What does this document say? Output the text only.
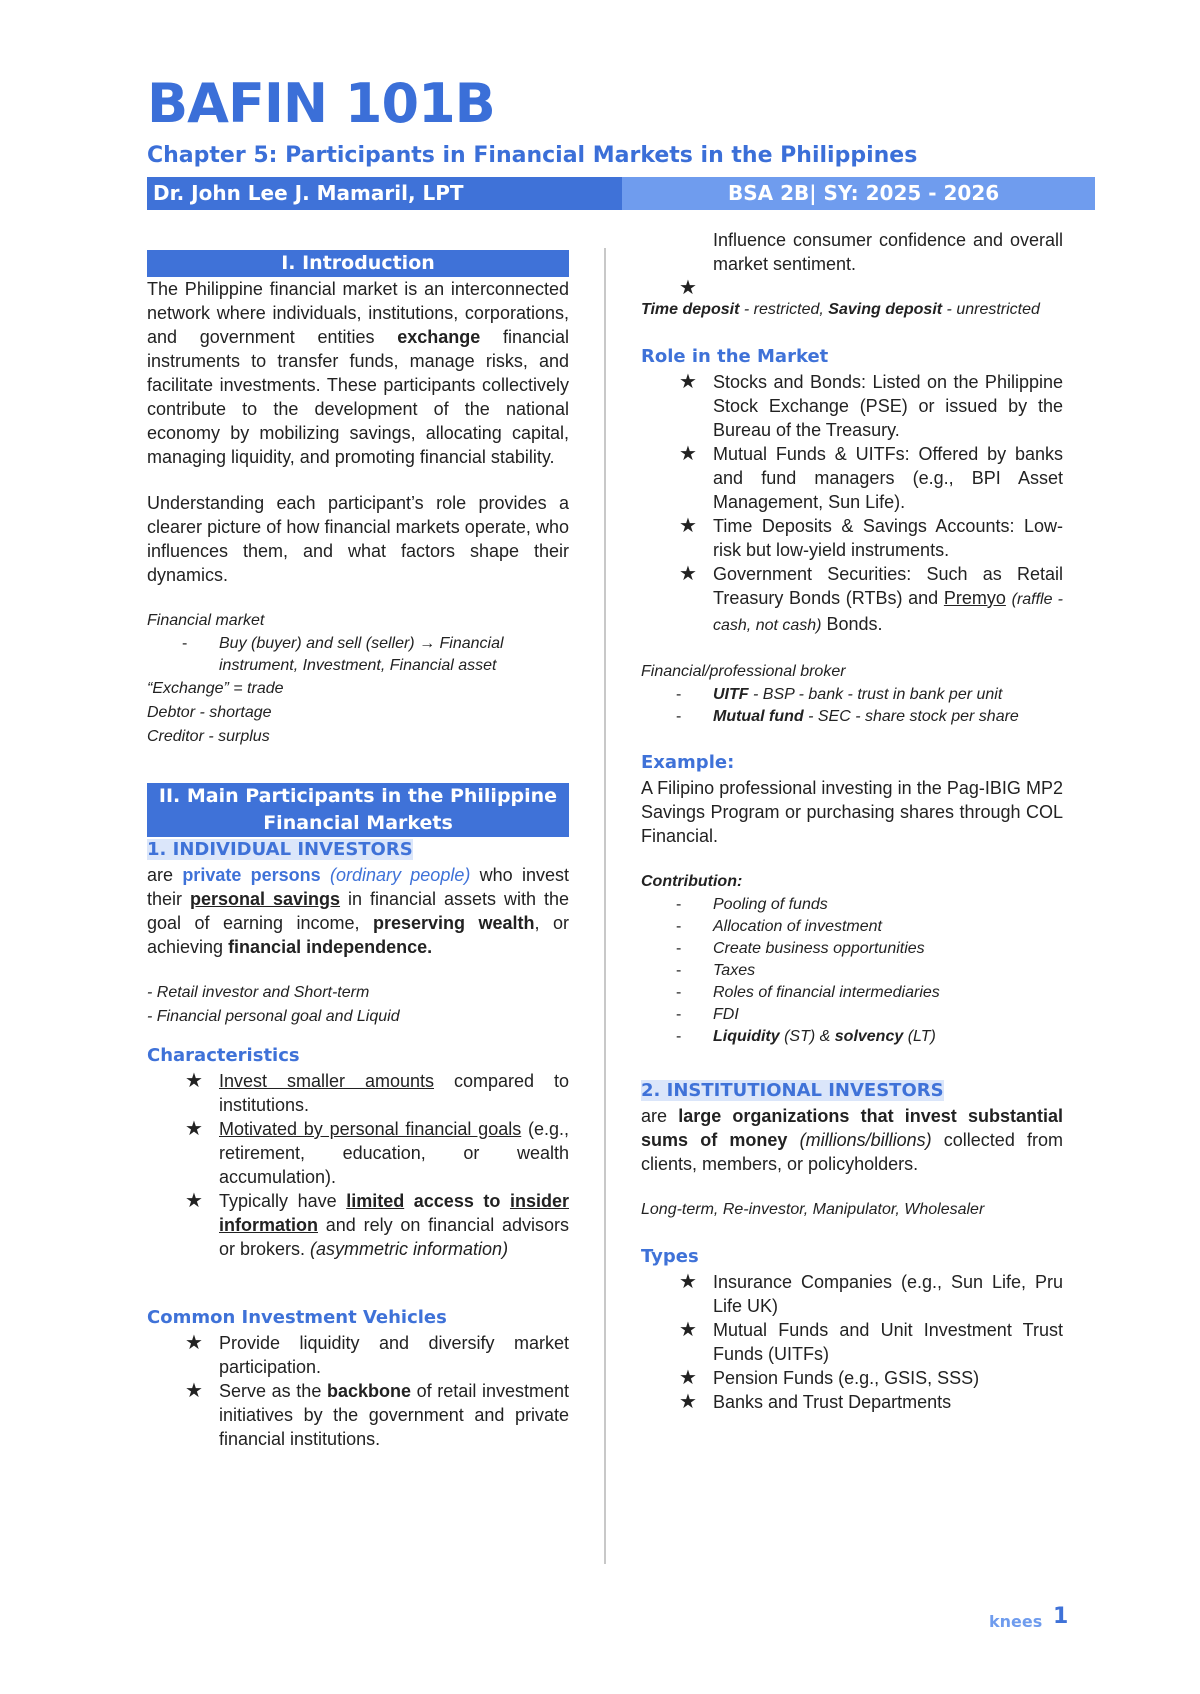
BAFIN 101B
Chapter 5: Participants in Financial Markets in the Philippines
Dr. John Lee J. Mamaril, LPT	BSA 2B| SY: 2025 - 2026
I. Introduction

The Philippine financial market is an interconnected network where individuals, institutions, corporations, and government entities exchange financial instruments to transfer funds, manage risks, and facilitate investments. These participants collectively contribute to the development of the national economy by mobilizing savings, allocating capital, managing liquidity, and promoting financial stability.

Understanding each participant’s role provides a clearer picture of how financial markets operate, who influences them, and what factors shape their dynamics.

Financial market

- Buy (buyer) and sell (seller) → Financial instrument, Investment, Financial asset

“Exchange” = trade

Debtor - shortage

Creditor - surplus

II. Main Participants in the Philippine Financial Markets

1. INDIVIDUAL INVESTORS

are private persons (ordinary people) who invest their personal savings in financial assets with the goal of earning income, preserving wealth, or achieving financial independence.

- Retail investor and Short-term

- Financial personal goal and Liquid

Characteristics

★ Invest smaller amounts compared to institutions.
★ Motivated by personal financial goals (e.g., retirement, education, or wealth accumulation).
★ Typically have limited access to insider information and rely on financial advisors or brokers. (asymmetric information)

Common Investment Vehicles

★ Provide liquidity and diversify market participation.
★ Serve as the backbone of retail investment initiatives by the government and private financial institutions.
Influence consumer confidence and overall market sentiment.
★

Time deposit - restricted, Saving deposit - unrestricted

Role in the Market

★ Stocks and Bonds: Listed on the Philippine Stock Exchange (PSE) or issued by the Bureau of the Treasury.
★ Mutual Funds & UITFs: Offered by banks and fund managers (e.g., BPI Asset Management, Sun Life).
★ Time Deposits & Savings Accounts: Low-risk but low-yield instruments.
★ Government Securities: Such as Retail Treasury Bonds (RTBs) and Premyo (raffle - cash, not cash) Bonds.

Financial/professional broker

- UITF - BSP - bank - trust in bank per unit
- Mutual fund - SEC - share stock per share

Example:

A Filipino professional investing in the Pag-IBIG MP2 Savings Program or purchasing shares through COL Financial.

Contribution:

- Pooling of funds
- Allocation of investment
- Create business opportunities
- Taxes
- Roles of financial intermediaries
- FDI
- Liquidity (ST) & solvency (LT)

2. INSTITUTIONAL INVESTORS

are large organizations that invest substantial sums of money (millions/billions) collected from clients, members, or policyholders.

Long-term, Re-investor, Manipulator, Wholesaler

Types

★ Insurance Companies (e.g., Sun Life, Pru Life UK)
★ Mutual Funds and Unit Investment Trust Funds (UITFs)
★ Pension Funds (e.g., GSIS, SSS)
★ Banks and Trust Departments
knees 1
